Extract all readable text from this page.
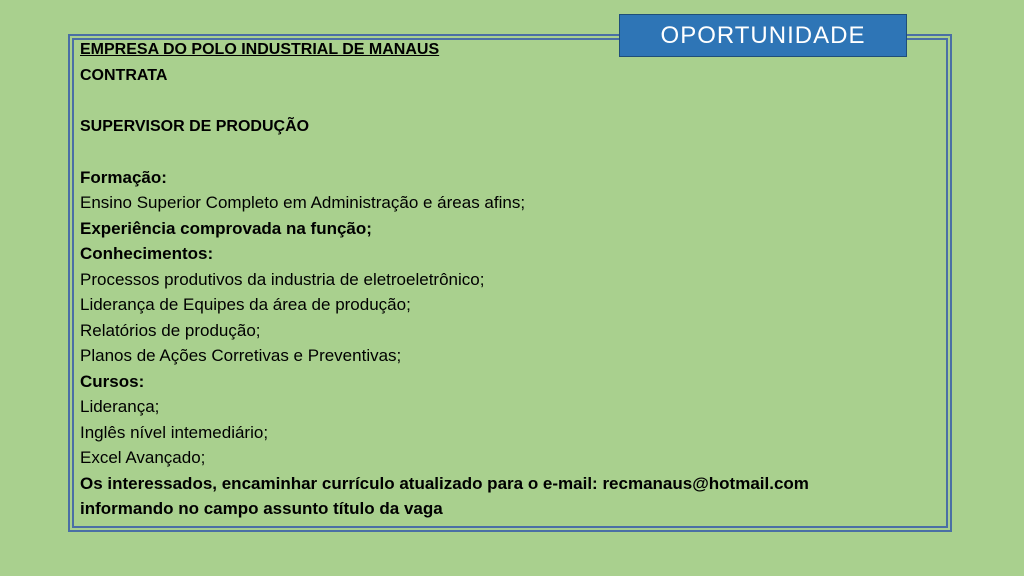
OPORTUNIDADE
EMPRESA DO POLO INDUSTRIAL DE MANAUS
CONTRATA
SUPERVISOR DE PRODUÇÃO
Formação:
Ensino Superior Completo em Administração e áreas afins;
Experiência comprovada na função;
Conhecimentos:
Processos produtivos da industria de eletroeletrônico;
Liderança de Equipes da área de produção;
Relatórios de produção;
Planos de Ações Corretivas e Preventivas;
Cursos:
Liderança;
Inglês nível intemediário;
Excel Avançado;
Os interessados, encaminhar currículo atualizado para o e-mail: recmanaus@hotmail.com
informando no campo assunto título da vaga
